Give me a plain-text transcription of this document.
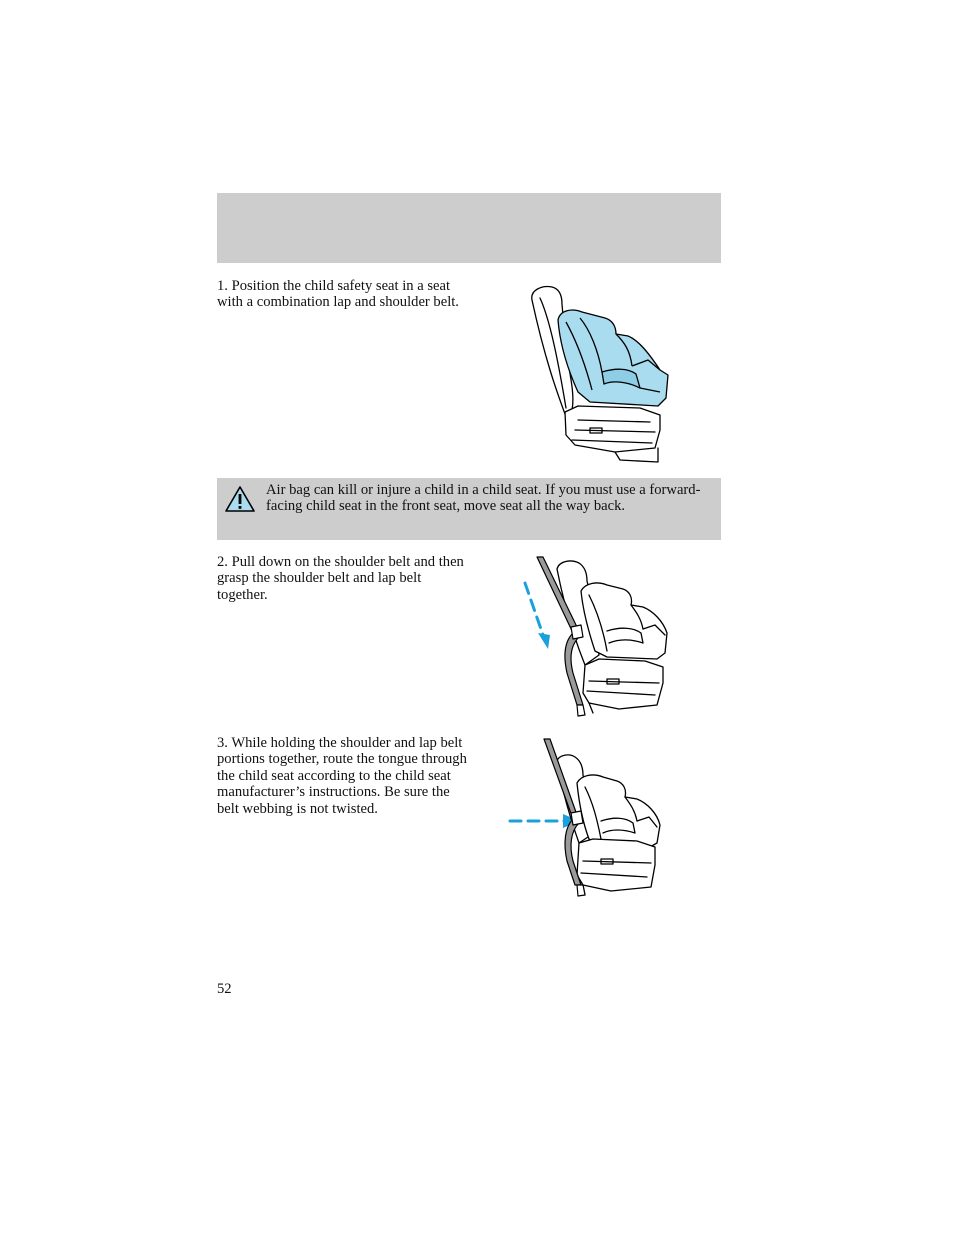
1. Position the child safety seat in a seat with a combination lap and shoulder belt.

Air bag can kill or injure a child in a child seat. If you must use a forward-facing child seat in the front seat, move seat all the way back.

2. Pull down on the shoulder belt and then grasp the shoulder belt and lap belt together.

3. While holding the shoulder and lap belt portions together, route the tongue through the child seat according to the child seat manufacturer’s instructions. Be sure the belt webbing is not twisted.

52
